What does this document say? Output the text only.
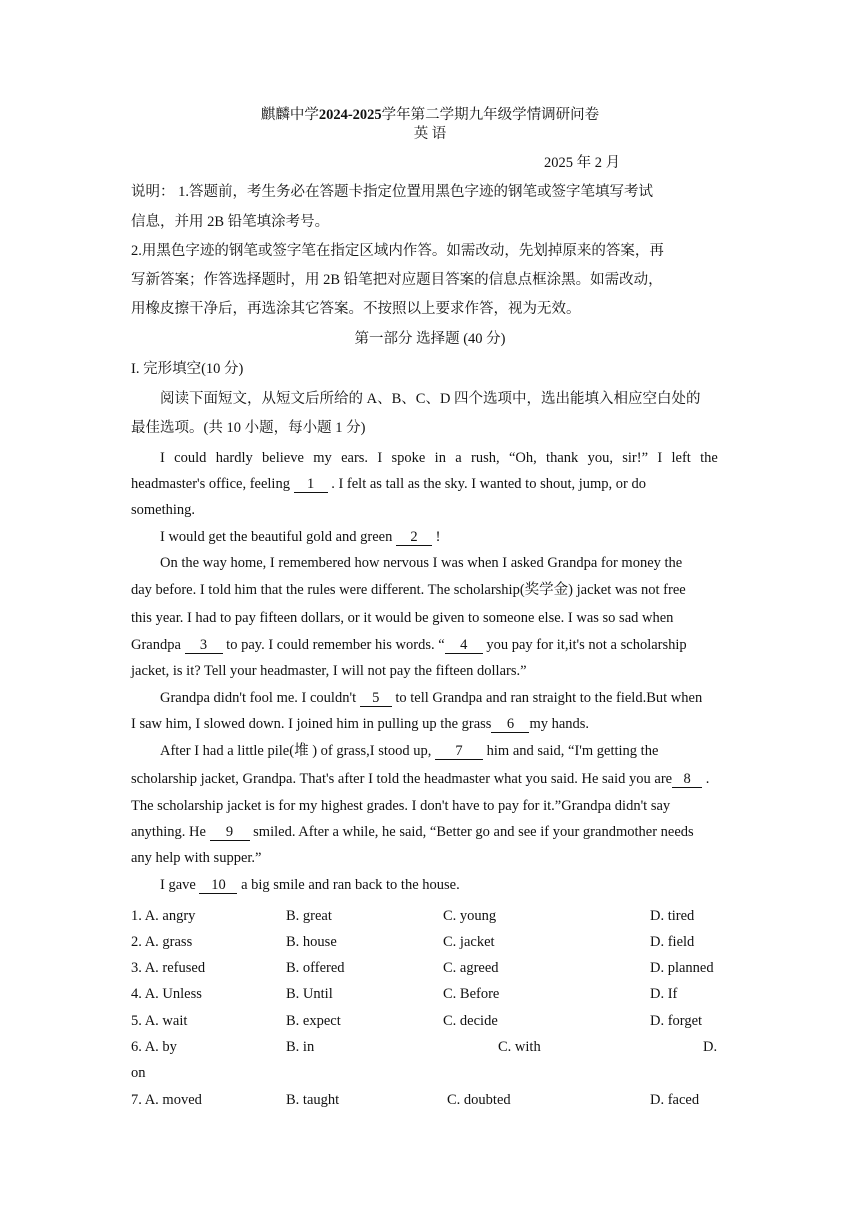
麒麟中学2024-2025学年第二学期九年级学情调研问卷
英 语
2025 年 2 月
说明： 1.答题前，考生务必在答题卡指定位置用黑色字迹的钢笔或签字笔填写考试
信息，并用 2B 铅笔填涂考号。
2.用黑色字迹的钢笔或签字笔在指定区域内作答。如需改动，先划掉原来的答案，再
写新答案；作答选择题时，用 2B 铅笔把对应题目答案的信息点框涂黑。如需改动，
用橡皮擦干净后，再选涂其它答案。不按照以上要求作答，视为无效。
第一部分 选择题 (40 分)
I. 完形填空(10 分)
阅读下面短文，从短文后所给的 A、B、C、D 四个选项中，选出能填入相应空白处的
最佳选项。(共 10 小题，每小题 1 分)
I could hardly believe my ears. I spoke in a rush, “Oh, thank you, sir!” I left the
headmaster's office, feeling 1 . I felt as tall as the sky. I wanted to shout, jump, or do
something.
I would get the beautiful gold and green 2 !
On the way home, I remembered how nervous I was when I asked Grandpa for money the
day before. I told him that the rules were different. The scholarship(奖学金) jacket was not free
this year. I had to pay fifteen dollars, or it would be given to someone else. I was so sad when
Grandpa 3 to pay. I could remember his words. “ 4 you pay for it,it's not a scholarship
jacket, is it? Tell your headmaster, I will not pay the fifteen dollars.”
Grandpa didn't fool me. I couldn't 5 to tell Grandpa and ran straight to the field.But when
I saw him, I slowed down. I joined him in pulling up the grass 6 my hands.
After I had a little pile(堆 ) of grass,I stood up, 7 him and said, “I'm getting the
scholarship jacket, Grandpa. That's after I told the headmaster what you said. He said you are 8 .
The scholarship jacket is for my highest grades. I don't have to pay for it.”Grandpa didn't say
anything. He 9 smiled. After a while, he said, “Better go and see if your grandmother needs
any help with supper.”
I gave 10 a big smile and ran back to the house.
1. A. angry	B. great	C. young	D. tired
2. A. grass	B. house	C. jacket	D. field
3. A. refused	B. offered	C. agreed	D. planned
4. A. Unless	B. Until	C. Before	D. If
5. A. wait	B. expect	C. decide	D. forget
6. A. by	B. in	C. with	D.
on
7. A. moved	B. taught	C. doubted	D. faced
